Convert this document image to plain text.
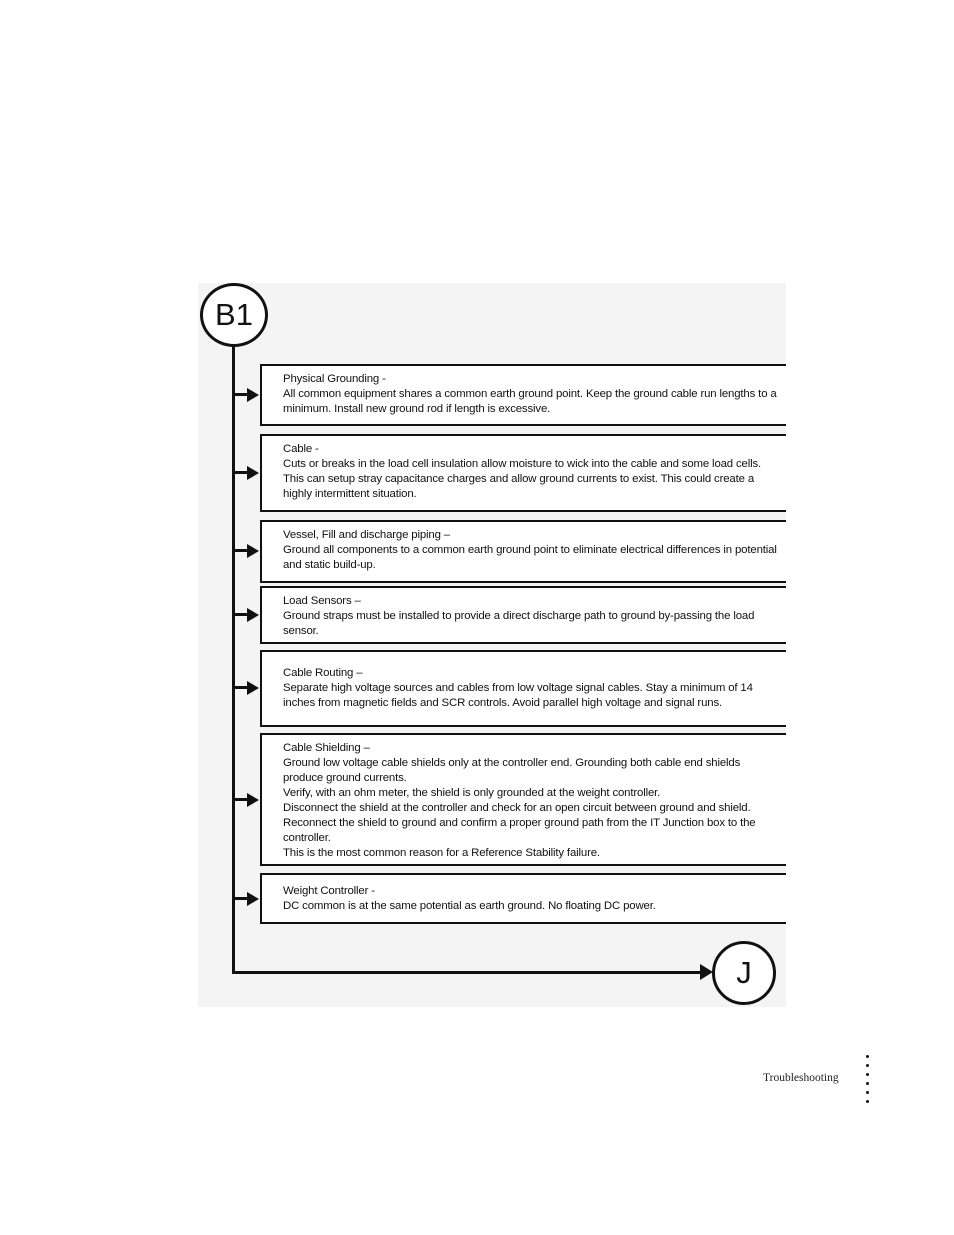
B1
J

Physical Grounding -

All common equipment shares a common earth ground point. Keep the ground cable run lengths to a minimum. Install new ground rod if length is excessive.

Cable -

Cuts or breaks in the load cell insulation allow moisture to wick into the cable and some load cells. This can setup stray capacitance charges and allow ground currents to exist. This could create a highly intermittent situation.

Vessel, Fill and discharge piping –

Ground all components to a common earth ground point to eliminate electrical differences in potential and static build-up.

Load Sensors –

Ground straps must be installed to provide a direct discharge path to ground by-passing the load sensor.

Cable Routing –

Separate high voltage sources and cables from low voltage signal cables. Stay a minimum of 14 inches from magnetic fields and SCR controls. Avoid parallel high voltage and signal runs.

Cable Shielding –

Ground low voltage cable shields only at the controller end. Grounding both cable end shields produce ground currents.

Verify, with an ohm meter, the shield is only grounded at the weight controller.

Disconnect the shield at the controller and check for an open circuit between ground and shield.

Reconnect the shield to ground and confirm a proper ground path from the IT Junction box to the controller.

This is the most common reason for a Reference Stability failure.

Weight Controller -

DC common is at the same potential as earth ground. No floating DC power.

Troubleshooting
